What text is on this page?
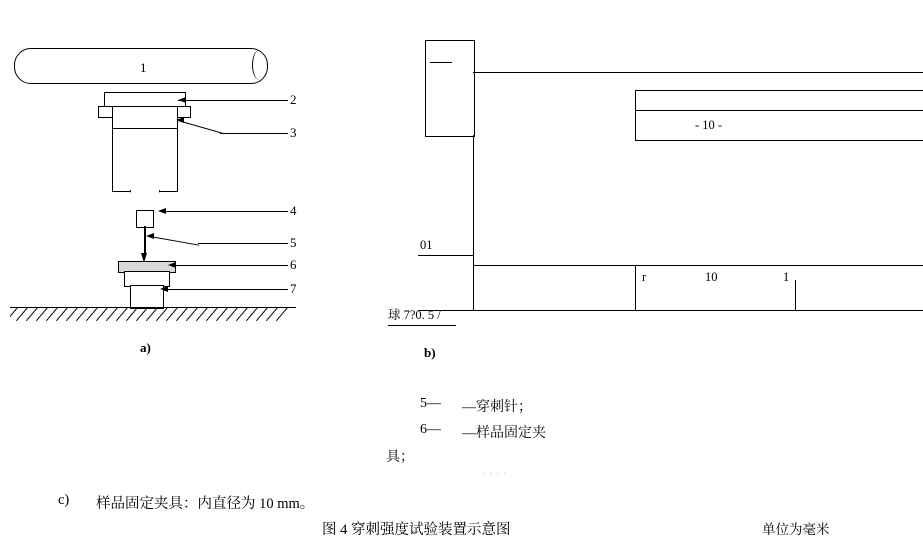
1
2
3
4
5
6
7
a)
- 10 -
01
r	10	1
球 7?0. 5 /
b)
5— —穿刺针；
6— —样品固定夹
具；
· · · ·
c) 样品固定夹具：内直径为 10 mm。
图 4 穿刺强度试验装置示意图	单位为毫米
